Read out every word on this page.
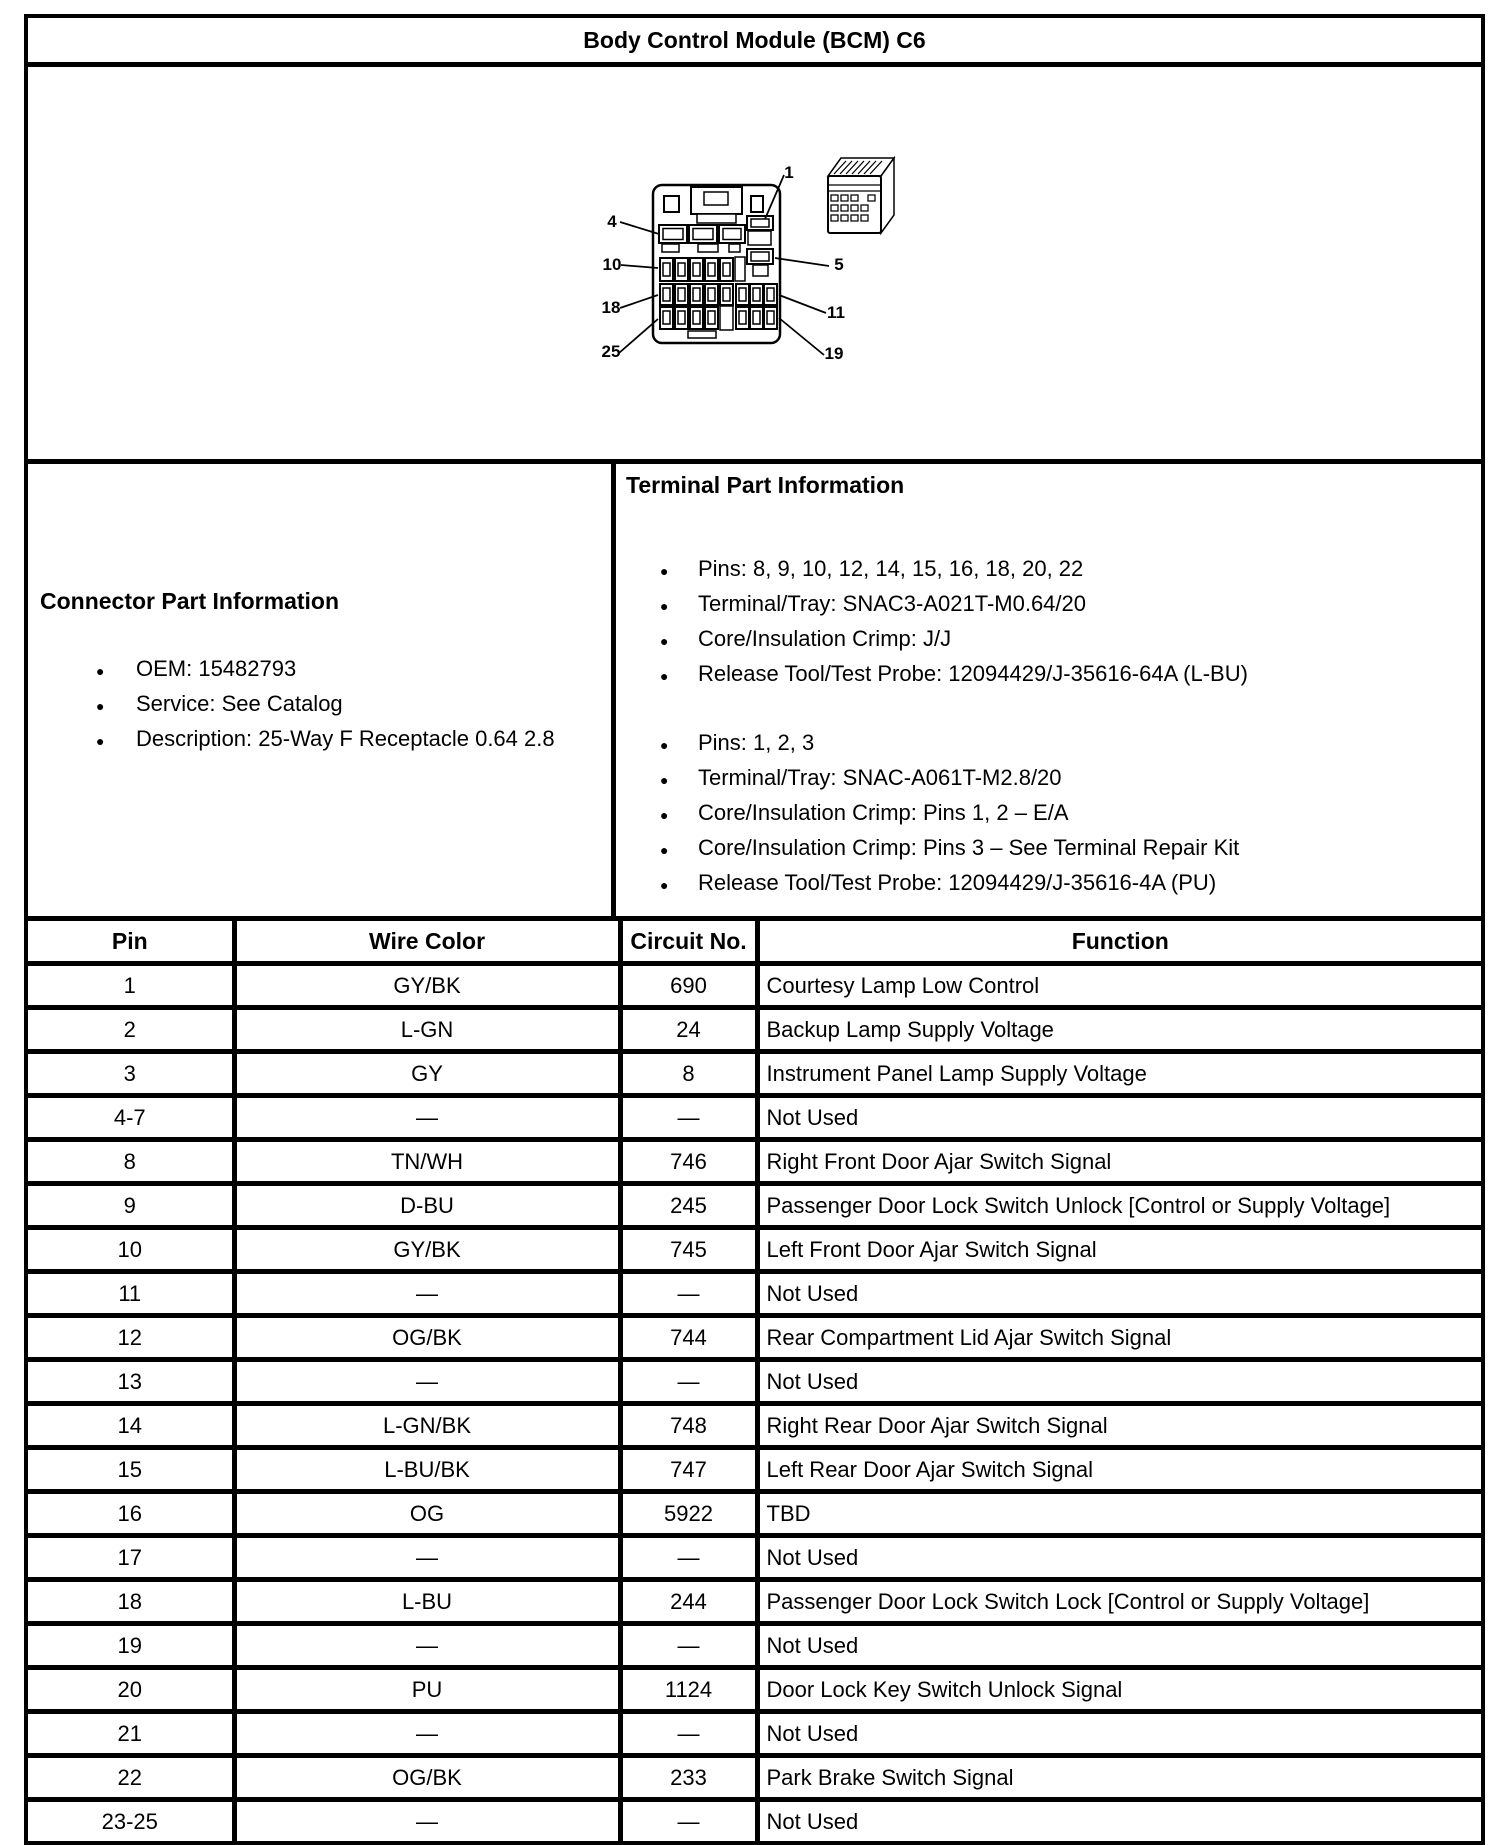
Body Control Module (BCM) C6
1
4
5
10
11
18
19
25
Connector Part Information
●
OEM: 15482793
●
Service: See Catalog
●
Description: 25-Way F Receptacle 0.64 2.8
Terminal Part Information
●
Pins: 8, 9, 10, 12, 14, 15, 16, 18, 20, 22
●
Terminal/Tray: SNAC3-A021T-M0.64/20
●
Core/Insulation Crimp: J/J
●
Release Tool/Test Probe: 12094429/J-35616-64A (L-BU)
●
Pins: 1, 2, 3
●
Terminal/Tray: SNAC-A061T-M2.8/20
●
Core/Insulation Crimp: Pins 1, 2 – E/A
●
Core/Insulation Crimp: Pins 3 – See Terminal Repair Kit
●
Release Tool/Test Probe: 12094429/J-35616-4A (PU)
Pin	Wire Color	Circuit No.	Function
1	GY/BK	690	Courtesy Lamp Low Control
2	L-GN	24	Backup Lamp Supply Voltage
3	GY	8	Instrument Panel Lamp Supply Voltage
4-7	—	—	Not Used
8	TN/WH	746	Right Front Door Ajar Switch Signal
9	D-BU	245	Passenger Door Lock Switch Unlock [Control or Supply Voltage]
10	GY/BK	745	Left Front Door Ajar Switch Signal
11	—	—	Not Used
12	OG/BK	744	Rear Compartment Lid Ajar Switch Signal
13	—	—	Not Used
14	L-GN/BK	748	Right Rear Door Ajar Switch Signal
15	L-BU/BK	747	Left Rear Door Ajar Switch Signal
16	OG	5922	TBD
17	—	—	Not Used
18	L-BU	244	Passenger Door Lock Switch Lock [Control or Supply Voltage]
19	—	—	Not Used
20	PU	1124	Door Lock Key Switch Unlock Signal
21	—	—	Not Used
22	OG/BK	233	Park Brake Switch Signal
23-25	—	—	Not Used
